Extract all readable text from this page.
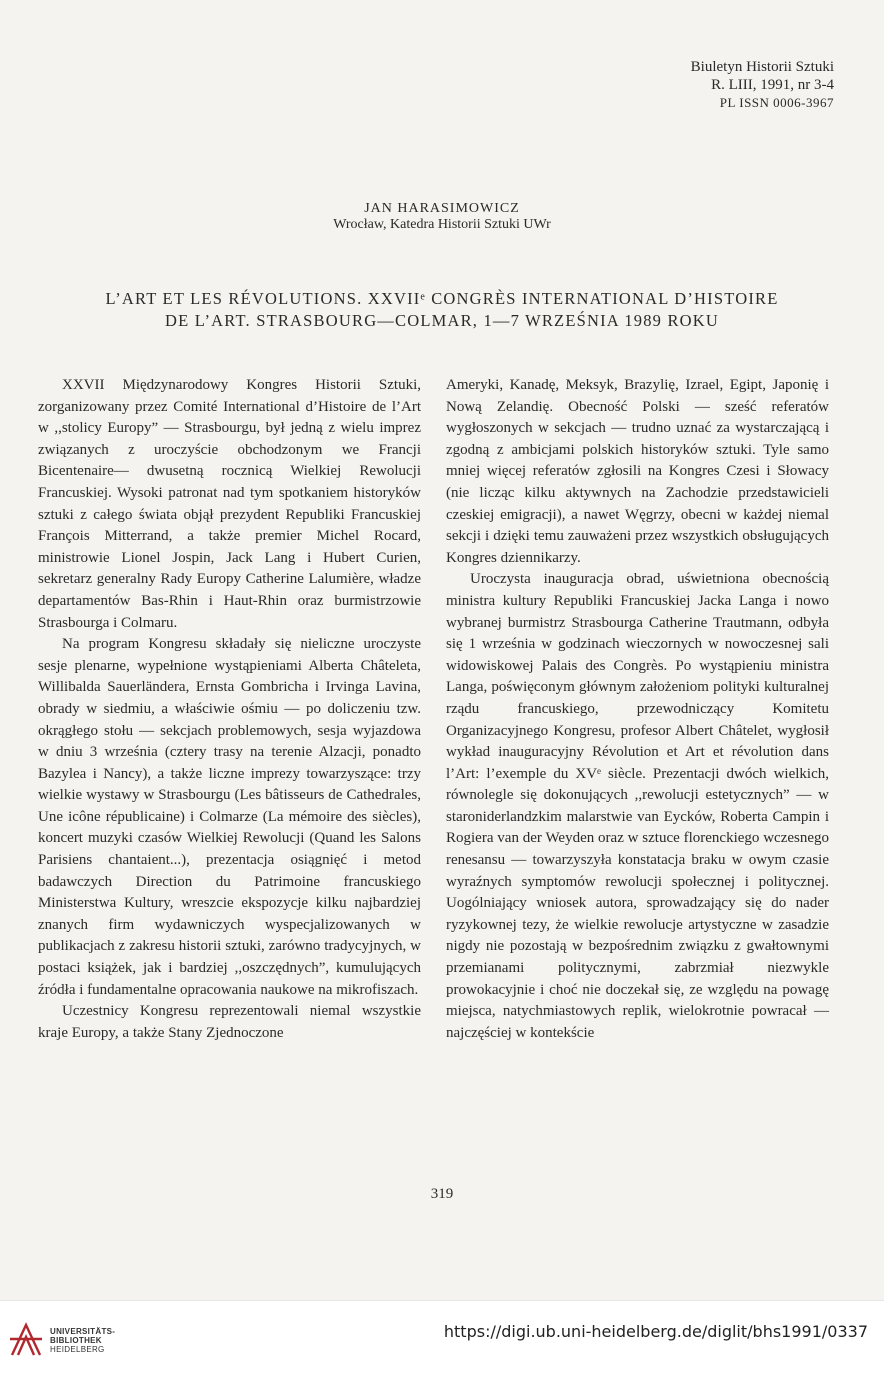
Biuletyn Historii Sztuki
R. LIII, 1991, nr 3-4
PL ISSN 0006-3967
JAN HARASIMOWICZ
Wrocław, Katedra Historii Sztuki UWr
L’ART ET LES RÉVOLUTIONS. XXVIIᵉ CONGRÈS INTERNATIONAL D’HISTOIRE
DE L’ART. STRASBOURG—COLMAR, 1—7 WRZEŚNIA 1989 ROKU

XXVII Międzynarodowy Kongres Historii Sztuki, zorganizowany przez Comité International d’Histoire de l’Art w ,,stolicy Europy” — Strasbourgu, był jedną z wielu imprez związanych z uroczyście obchodzonym we Francji Bicentenaire— dwusetną rocznicą Wielkiej Rewolucji Francuskiej. Wysoki patronat nad tym spotkaniem historyków sztuki z całego świata objął prezydent Republiki Francuskiej François Mitterrand, a także premier Michel Rocard, ministrowie Lionel Jospin, Jack Lang i Hubert Curien, sekretarz generalny Rady Europy Catherine Lalumière, władze departamentów Bas-Rhin i Haut-Rhin oraz burmistrzowie Strasbourga i Colmaru.

Na program Kongresu składały się nieliczne uroczyste sesje plenarne, wypełnione wystąpieniami Alberta Châteleta, Willibalda Sauerländera, Ernsta Gombricha i Irvinga Lavina, obrady w siedmiu, a właściwie ośmiu — po doliczeniu tzw. okrągłego stołu — sekcjach problemowych, sesja wyjazdowa w dniu 3 września (cztery trasy na terenie Alzacji, ponadto Bazylea i Nancy), a także liczne imprezy towarzyszące: trzy wielkie wystawy w Strasbourgu (Les bâtisseurs de Cathedrales, Une icône républicaine) i Colmarze (La mémoire des siècles), koncert muzyki czasów Wielkiej Rewolucji (Quand les Salons Parisiens chantaient...), prezentacja osiągnięć i metod badawczych Direction du Patrimoine francuskiego Ministerstwa Kultury, wreszcie ekspozycje kilku najbardziej znanych firm wydawniczych wyspecjalizowanych w publikacjach z zakresu historii sztuki, zarówno tradycyjnych, w postaci książek, jak i bardziej ,,oszczędnych”, kumulujących źródła i fundamentalne opracowania naukowe na mikrofiszach.

Uczestnicy Kongresu reprezentowali niemal wszystkie kraje Europy, a także Stany Zjednoczone

Ameryki, Kanadę, Meksyk, Brazylię, Izrael, Egipt, Japonię i Nową Zelandię. Obecność Polski — sześć referatów wygłoszonych w sekcjach — trudno uznać za wystarczającą i zgodną z ambicjami polskich historyków sztuki. Tyle samo mniej więcej referatów zgłosili na Kongres Czesi i Słowacy (nie licząc kilku aktywnych na Zachodzie przedstawicieli czeskiej emigracji), a nawet Węgrzy, obecni w każdej niemal sekcji i dzięki temu zauważeni przez wszystkich obsługujących Kongres dziennikarzy.

Uroczysta inauguracja obrad, uświetniona obecnością ministra kultury Republiki Francuskiej Jacka Langa i nowo wybranej burmistrz Strasbourga Catherine Trautmann, odbyła się 1 września w godzinach wieczornych w nowoczesnej sali widowiskowej Palais des Congrès. Po wystąpieniu ministra Langa, poświęconym głównym założeniom polityki kulturalnej rządu francuskiego, przewodniczący Komitetu Organizacyjnego Kongresu, profesor Albert Châtelet, wygłosił wykład inauguracyjny Révolution et Art et révolution dans l’Art: l’exemple du XVᵉ siècle. Prezentacji dwóch wielkich, równolegle się dokonujących ,,rewolucji estetycznych” — w staroniderlandzkim malarstwie van Eycków, Roberta Campin i Rogiera van der Weyden oraz w sztuce florenckiego wczesnego renesansu — towarzyszyła konstatacja braku w owym czasie wyraźnych symptomów rewolucji społecznej i politycznej. Uogólniający wniosek autora, sprowadzający się do nader ryzykownej tezy, że wielkie rewolucje artystyczne w zasadzie nigdy nie pozostają w bezpośrednim związku z gwałtownymi przemianami politycznymi, zabrzmiał niezwykle prowokacyjnie i choć nie doczekał się, ze względu na powagę miejsca, natychmiastowych replik, wielokrotnie powracał — najczęściej w kontekście

319
UNIVERSITÄTS-
BIBLIOTHEK
HEIDELBERG
https://digi.ub.uni-heidelberg.de/diglit/bhs1991/0337
